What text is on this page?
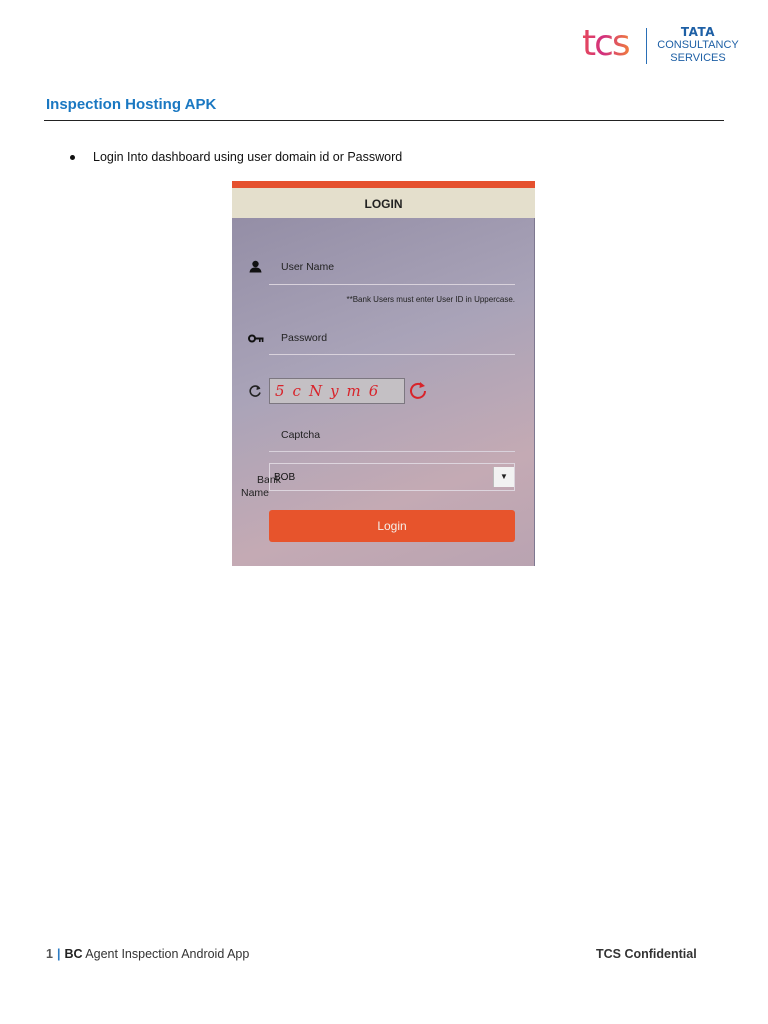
tcs	TATA
CONSULTANCY
SERVICES
Inspection Hosting APK
Login Into dashboard using user domain id or Password
LOGIN
User Name
**Bank Users must enter User ID in Uppercase.
Password
5cNym6
Captcha
Bank
Name
BOB	▼
Login
1 | BC Agent Inspection Android App	TCS Confidential
